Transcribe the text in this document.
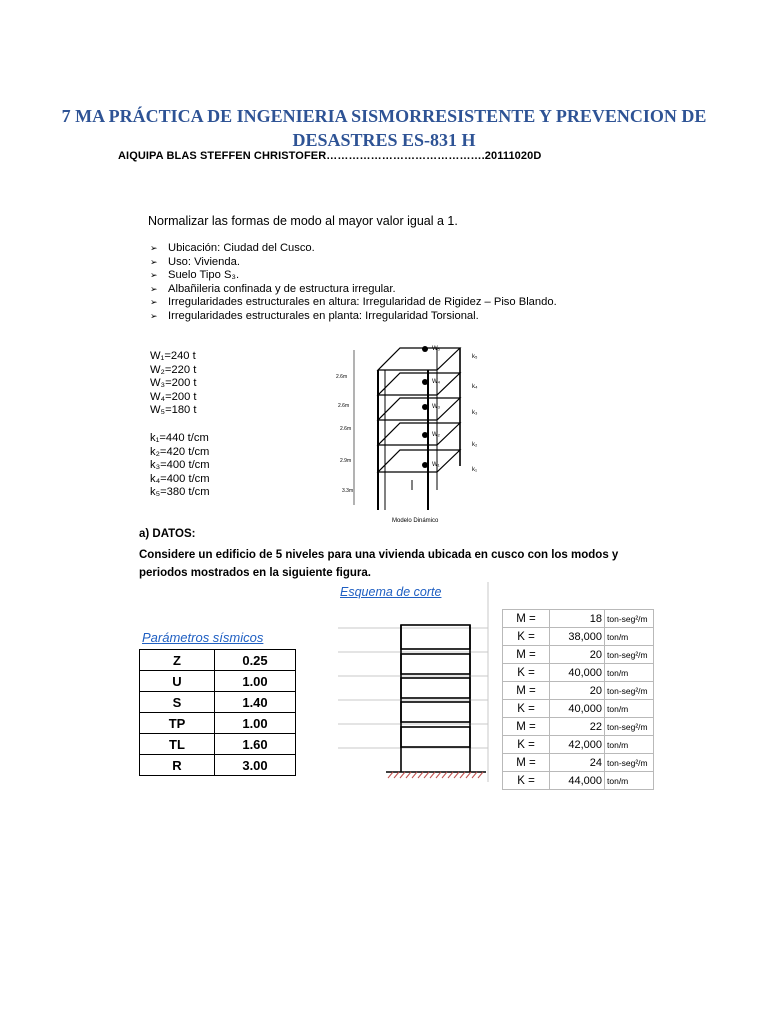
7 MA PRÁCTICA DE INGENIERIA SISMORRESISTENTE Y PREVENCION DE DESASTRES ES-831 H
AIQUIPA BLAS STEFFEN CHRISTOFER…………………………………….20111020D
Normalizar las formas de modo al mayor valor igual a 1.
➢ Ubicación: Ciudad del Cusco.
➢ Uso: Vivienda.
➢ Suelo Tipo S₃.
➢ Albañileria confinada y de estructura irregular.
➢ Irregularidades estructurales en altura: Irregularidad de Rigidez – Piso Blando.
➢ Irregularidades estructurales en planta: Irregularidad Torsional.
W₁=240 t
W₂=220 t
W₃=200 t
W₄=200 t
W₅=180 t
k₁=440 t/cm
k₂=420 t/cm
k₃=400 t/cm
k₄=400 t/cm
k₅=380 t/cm
W₅
W₄
W₃
W₂
W₁
k₅
k₄
k₃
k₂
k₁
2.6m
2.6m
2.6m
2.9m
3.3m
Modelo Dinámico
a) DATOS:
Considere un edificio de 5 niveles para una vivienda ubicada en cusco con los modos y periodos mostrados en la siguiente figura.
Parámetros sísmicos
Z	0.25
U	1.00
S	1.40
TP	1.00
TL	1.60
R	3.00
Esquema de corte
M =	18	ton-seg²/m
K =	38,000	ton/m
M =	20	ton-seg²/m
K =	40,000	ton/m
M =	20	ton-seg²/m
K =	40,000	ton/m
M =	22	ton-seg²/m
K =	42,000	ton/m
M =	24	ton-seg²/m
K =	44,000	ton/m
